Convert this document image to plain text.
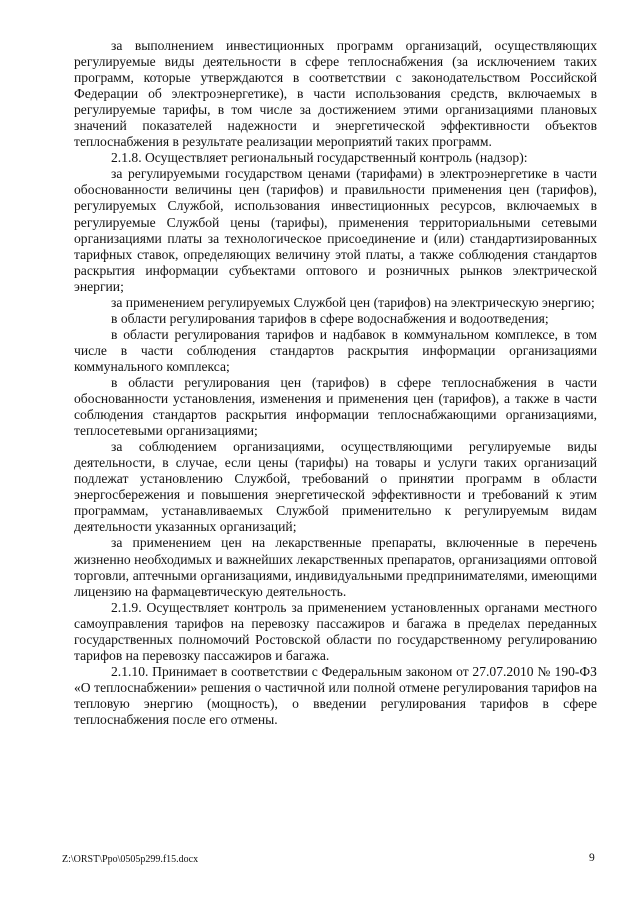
за выполнением инвестиционных программ организаций, осуществляющих регулируемые виды деятельности в сфере теплоснабжения (за исключением таких программ, которые утверждаются в соответствии с законодательством Российской Федерации об электроэнергетике), в части использования средств, включаемых в регулируемые тарифы, в том числе за достижением этими организациями плановых значений показателей надежности и энергетической эффективности объектов теплоснабжения в результате реализации мероприятий таких программ.

2.1.8. Осуществляет региональный государственный контроль (надзор):

за регулируемыми государством ценами (тарифами) в электроэнергетике в части обоснованности величины цен (тарифов) и правильности применения цен (тарифов), регулируемых Службой, использования инвестиционных ресурсов, включаемых в регулируемые Службой цены (тарифы), применения территориальными сетевыми организациями платы за технологическое присоединение и (или) стандартизированных тарифных ставок, определяющих величину этой платы, а также соблюдения стандартов раскрытия информации субъектами оптового и розничных рынков электрической энергии;

за применением регулируемых Службой цен (тарифов) на электрическую энергию;

в области регулирования тарифов в сфере водоснабжения и водоотведения;

в области регулирования тарифов и надбавок в коммунальном комплексе, в том числе в части соблюдения стандартов раскрытия информации организациями коммунального комплекса;

в области регулирования цен (тарифов) в сфере теплоснабжения в части обоснованности установления, изменения и применения цен (тарифов), а также в части соблюдения стандартов раскрытия информации теплоснабжающими организациями, теплосетевыми организациями;

за соблюдением организациями, осуществляющими регулируемые виды деятельности, в случае, если цены (тарифы) на товары и услуги таких организаций подлежат установлению Службой, требований о принятии программ в области энергосбережения и повышения энергетической эффективности и требований к этим программам, устанавливаемых Службой применительно к регулируемым видам деятельности указанных организаций;

за применением цен на лекарственные препараты, включенные в перечень жизненно необходимых и важнейших лекарственных препаратов, организациями оптовой торговли, аптечными организациями, индивидуальными предпринимателями, имеющими лицензию на фармацевтическую деятельность.

2.1.9. Осуществляет контроль за применением установленных органами местного самоуправления тарифов на перевозку пассажиров и багажа в пределах переданных государственных полномочий Ростовской области по государственному регулированию тарифов на перевозку пассажиров и багажа.

2.1.10. Принимает в соответствии с Федеральным законом от 27.07.2010 № 190-ФЗ «О теплоснабжении» решения о частичной или полной отмене регулирования тарифов на тепловую энергию (мощность), о введении регулирования тарифов в сфере теплоснабжения после его отмены.

Z:\ORST\Ppo\0505p299.f15.docx	9
